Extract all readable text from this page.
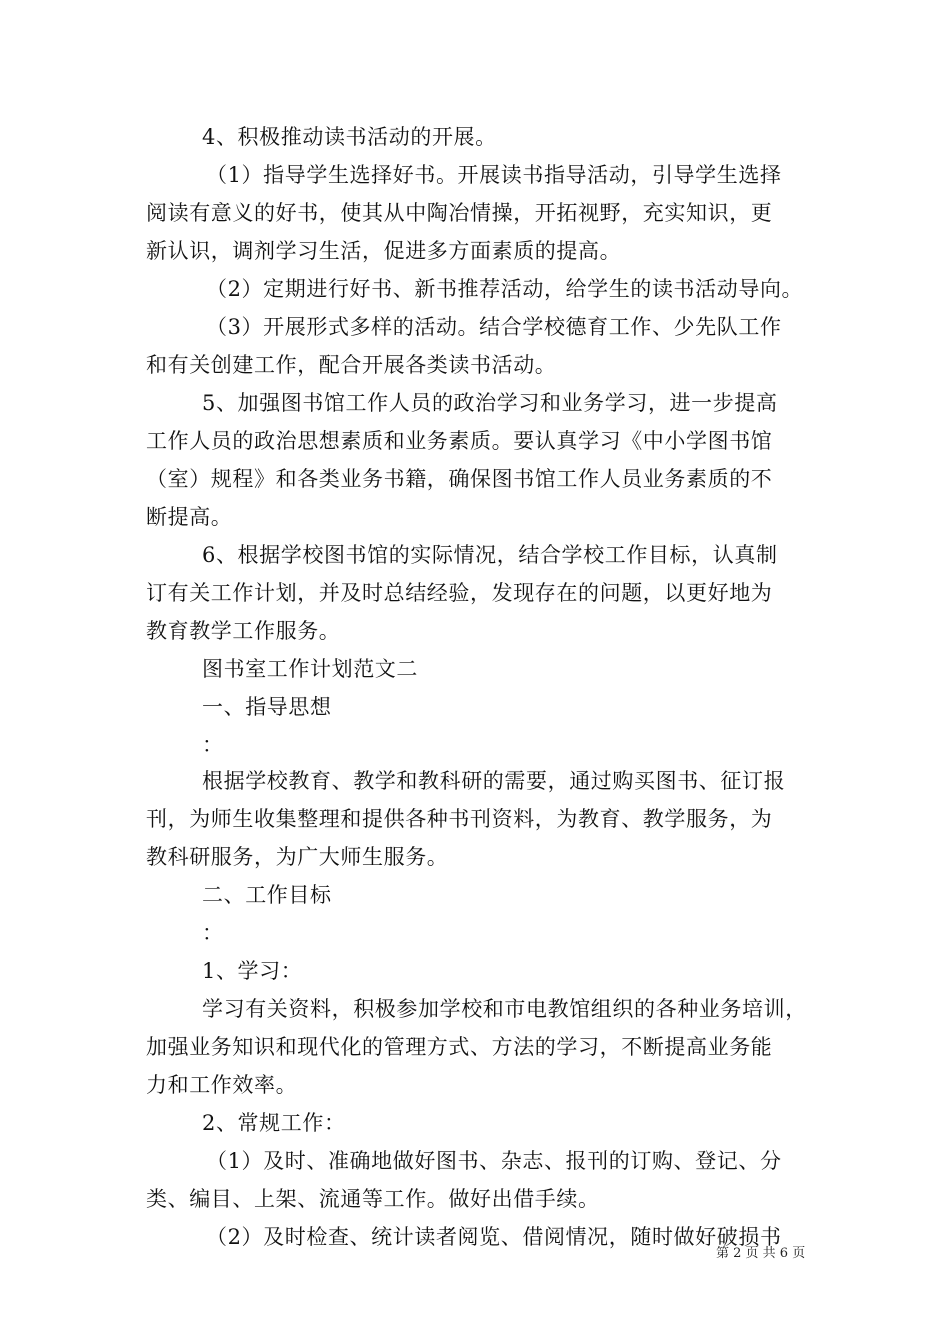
4、积极推动读书活动的开展。
（1）指导学生选择好书。开展读书指导活动，引导学生选择
阅读有意义的好书，使其从中陶冶情操，开拓视野，充实知识，更
新认识，调剂学习生活，促进多方面素质的提高。
（2）定期进行好书、新书推荐活动，给学生的读书活动导向。
（3）开展形式多样的活动。结合学校德育工作、少先队工作
和有关创建工作，配合开展各类读书活动。
5、加强图书馆工作人员的政治学习和业务学习，进一步提高
工作人员的政治思想素质和业务素质。要认真学习《中小学图书馆
（室）规程》和各类业务书籍，确保图书馆工作人员业务素质的不
断提高。
6、根据学校图书馆的实际情况，结合学校工作目标，认真制
订有关工作计划，并及时总结经验，发现存在的问题，以更好地为
教育教学工作服务。
图书室工作计划范文二
一、指导思想
：
根据学校教育、教学和教科研的需要，通过购买图书、征订报
刊，为师生收集整理和提供各种书刊资料，为教育、教学服务，为
教科研服务，为广大师生服务。
二、工作目标
：
1、学习：
学习有关资料，积极参加学校和市电教馆组织的各种业务培训，
加强业务知识和现代化的管理方式、方法的学习，不断提高业务能
力和工作效率。
2、常规工作：
（1）及时、准确地做好图书、杂志、报刊的订购、登记、分
类、编目、上架、流通等工作。做好出借手续。
（2）及时检查、统计读者阅览、借阅情况，随时做好破损书
第 2 页 共 6 页
